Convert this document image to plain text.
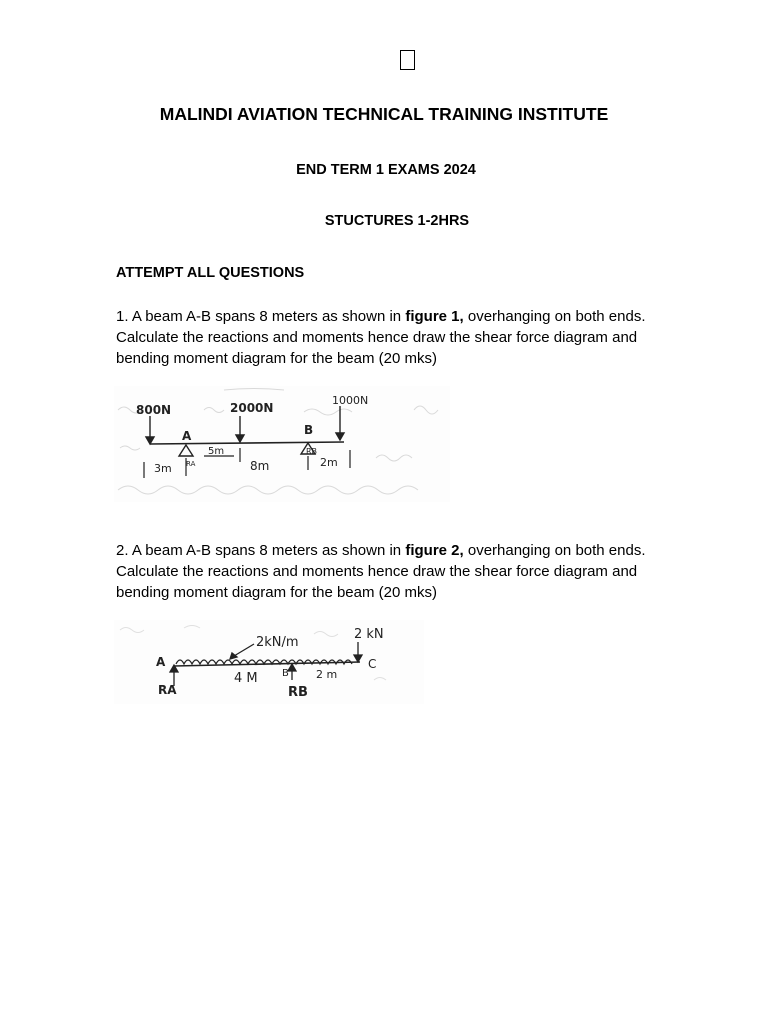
MALINDI AVIATION TECHNICAL TRAINING INSTITUTE
END TERM 1 EXAMS 2024
STUCTURES 1-2HRS
ATTEMPT ALL QUESTIONS
1. A beam A-B spans 8 meters as shown in figure 1, overhanging on both ends. Calculate the reactions and moments hence draw the shear force diagram and bending moment diagram for the beam (20 mks)
800N	2000N
1000N
A	B
5m
3m RA	8m
RB
2m
2. A beam A-B spans 8 meters as shown in figure 2, overhanging on both ends. Calculate the reactions and moments hence draw the shear force diagram and bending moment diagram for the beam (20 mks)
2kN/m
2 kN
A	C
B
4 M	2 m
RA	RB
